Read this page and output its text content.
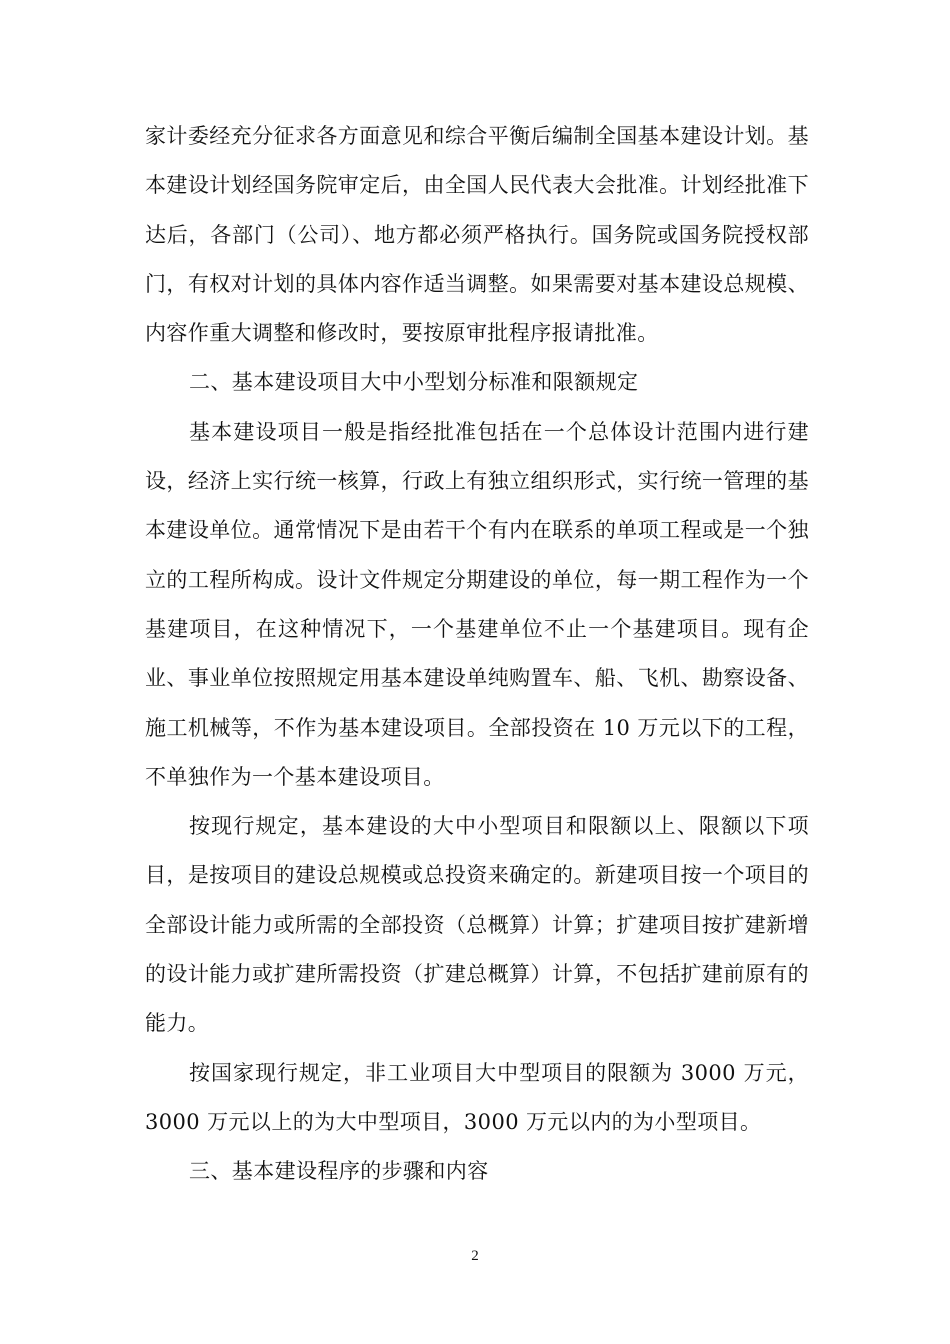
家计委经充分征求各方面意见和综合平衡后编制全国基本建设计划。基本建设计划经国务院审定后，由全国人民代表大会批准。计划经批准下达后，各部门（公司）、地方都必须严格执行。国务院或国务院授权部门，有权对计划的具体内容作适当调整。如果需要对基本建设总规模、内容作重大调整和修改时，要按原审批程序报请批准。

二、基本建设项目大中小型划分标准和限额规定

基本建设项目一般是指经批准包括在一个总体设计范围内进行建设，经济上实行统一核算，行政上有独立组织形式，实行统一管理的基本建设单位。通常情况下是由若干个有内在联系的单项工程或是一个独立的工程所构成。设计文件规定分期建设的单位，每一期工程作为一个基建项目，在这种情况下，一个基建单位不止一个基建项目。现有企业、事业单位按照规定用基本建设单纯购置车、船、飞机、勘察设备、施工机械等，不作为基本建设项目。全部投资在 10 万元以下的工程，不单独作为一个基本建设项目。

按现行规定，基本建设的大中小型项目和限额以上、限额以下项目，是按项目的建设总规模或总投资来确定的。新建项目按一个项目的全部设计能力或所需的全部投资（总概算）计算；扩建项目按扩建新增的设计能力或扩建所需投资（扩建总概算）计算，不包括扩建前原有的能力。

按国家现行规定，非工业项目大中型项目的限额为 3000 万元，3000 万元以上的为大中型项目，3000 万元以内的为小型项目。

三、基本建设程序的步骤和内容

2
